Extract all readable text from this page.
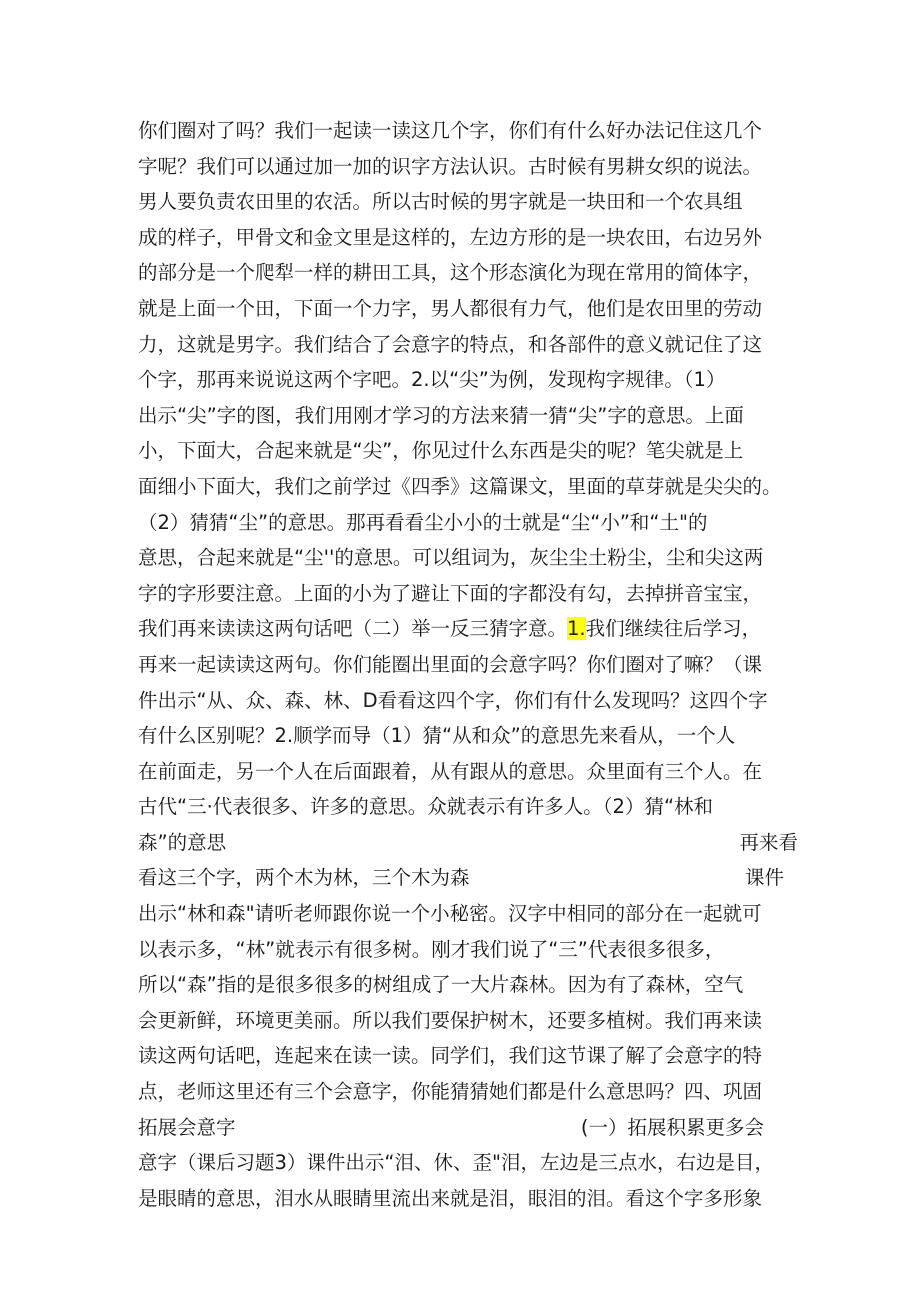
你们圈对了吗？我们一起读一读这几个字，你们有什么好办法记住这几个
字呢？我们可以通过加一加的识字方法认识。古时候有男耕女织的说法。
男人要负责农田里的农活。所以古时候的男字就是一块田和一个农具组
成的样子，甲骨文和金文里是这样的，左边方形的是一块农田，右边另外
的部分是一个爬犁一样的耕田工具，这个形态演化为现在常用的简体字，
就是上面一个田，下面一个力字，男人都很有力气，他们是农田里的劳动
力，这就是男字。我们结合了会意字的特点，和各部件的意义就记住了这
个字，那再来说说这两个字吧。2.以“尖”为例，发现构字规律。（1）
出示“尖”字的图，我们用刚才学习的方法来猜一猜“尖”字的意思。上面
小，下面大，合起来就是“尖”，你见过什么东西是尖的呢？笔尖就是上
面细小下面大，我们之前学过《四季》这篇课文，里面的草芽就是尖尖的。
（2）猜猜“尘”的意思。那再看看尘小小的士就是“尘“小”和“土"的
意思，合起来就是“尘''的意思。可以组词为，灰尘尘土粉尘，尘和尖这两
字的字形要注意。上面的小为了避让下面的字都没有勾，去掉拼音宝宝，
我们再来读读这两句话吧（二）举一反三猜字意。1.我们继续往后学习，
再来一起读读这两句。你们能圈出里面的会意字吗？你们圈对了嘛？（课
件出示“从、众、森、林、D看看这四个字，你们有什么发现吗？这四个字
有什么区别呢？2.顺学而导（1）猜“从和众”的意思先来看从，一个人
在前面走，另一个人在后面跟着，从有跟从的意思。众里面有三个人。在
古代“三·代表很多、许多的意思。众就表示有许多人。（2）猜“林和
森”的意思	再来看
看这三个字，两个木为林，三个木为森	课件
出示“林和森"请听老师跟你说一个小秘密。汉字中相同的部分在一起就可
以表示多，“林”就表示有很多树。刚才我们说了“三”代表很多很多，
所以“森”指的是很多很多的树组成了一大片森林。因为有了森林，空气
会更新鲜，环境更美丽。所以我们要保护树木，还要多植树。我们再来读
读这两句话吧，连起来在读一读。同学们，我们这节课了解了会意字的特
点，老师这里还有三个会意字，你能猜猜她们都是什么意思吗？四、巩固
拓展会意字	(一）拓展积累更多会
意字（课后习题3）课件出示“泪、休、歪"泪，左边是三点水，右边是目，
是眼睛的意思，泪水从眼睛里流出来就是泪，眼泪的泪。看这个字多形象
